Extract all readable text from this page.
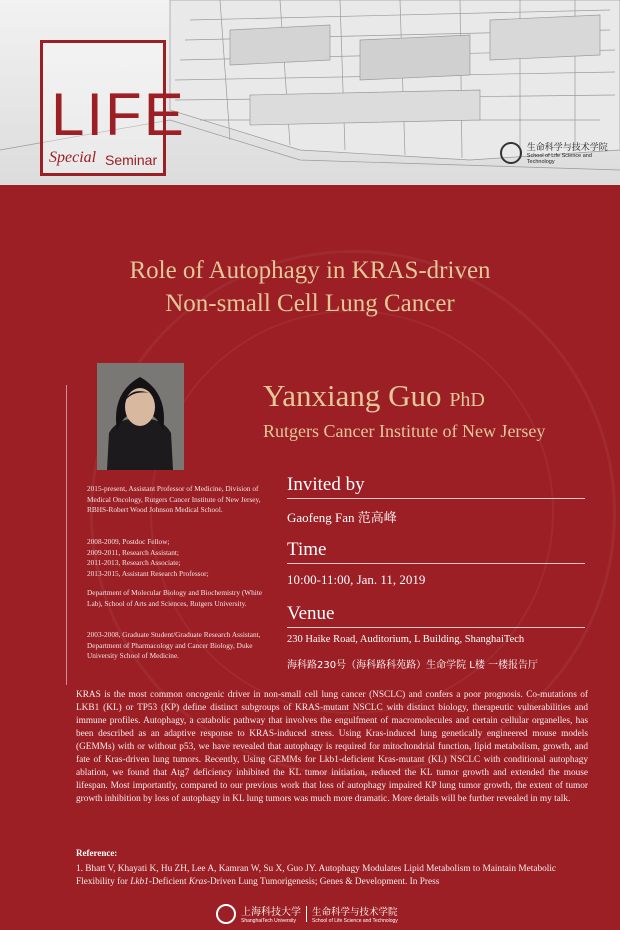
LIFE
Special Seminar
生命科学与技术学院
School of Life Science and Technology
Role of Autophagy in KRAS-driven
Non-small Cell Lung Cancer
Yanxiang Guo PhD
Rutgers Cancer Institute of New Jersey
2015-present, Assistant Professor of Medicine, Division of Medical Oncology, Rutgers Cancer Institute of New Jersey, RBHS-Robert Wood Johnson Medical School.
2008-2009, Postdoc Fellow;
2009-2011, Research Assistant;
2011-2013, Research Associate;
2013-2015, Assistant Research Professor;
Department of Molecular Biology and Biochemistry (White Lab), School of Arts and Sciences, Rutgers University.
2003-2008, Graduate Student/Graduate Research Assistant, Department of Pharmacology and Cancer Biology, Duke University School of Medicine.
Invited by
Gaofeng Fan 范高峰
Time
10:00-11:00, Jan. 11, 2019
Venue
230 Haike Road, Auditorium, L Building, ShanghaiTech
海科路230号（海科路科苑路）生命学院 L楼 一楼报告厅
KRAS is the most common oncogenic driver in non-small cell lung cancer (NSCLC) and confers a poor prognosis. Co-mutations of LKB1 (KL) or TP53 (KP) define distinct subgroups of KRAS-mutant NSCLC with distinct biology, therapeutic vulnerabilities and immune profiles. Autophagy, a catabolic pathway that involves the engulfment of macromolecules and certain cellular organelles, has been described as an adaptive response to KRAS-induced stress. Using Kras-induced lung genetically engineered mouse models (GEMMs) with or without p53, we have revealed that autophagy is required for mitochondrial function, lipid metabolism, growth, and fate of Kras-driven lung tumors. Recently, Using GEMMs for Lkb1-deficient Kras-mutant (KL) NSCLC with conditional autophagy ablation, we found that Atg7 deficiency inhibited the KL tumor initiation, reduced the KL tumor growth and extended the mouse lifespan. Most importantly, compared to our previous work that loss of autophagy impaired KP lung tumor growth, the extent of tumor growth inhibition by loss of autophagy in KL lung tumors was much more dramatic. More details will be further revealed in my talk.
Reference:
1. Bhatt V, Khayati K, Hu ZH, Lee A, Kamran W, Su X, Guo JY. Autophagy Modulates Lipid Metabolism to Maintain Metabolic Flexibility for Lkb1-Deficient Kras-Driven Lung Tumorigenesis; Genes & Development. In Press
上海科技大学
ShanghaiTech University
生命科学与技术学院
School of Life Science and Technology
